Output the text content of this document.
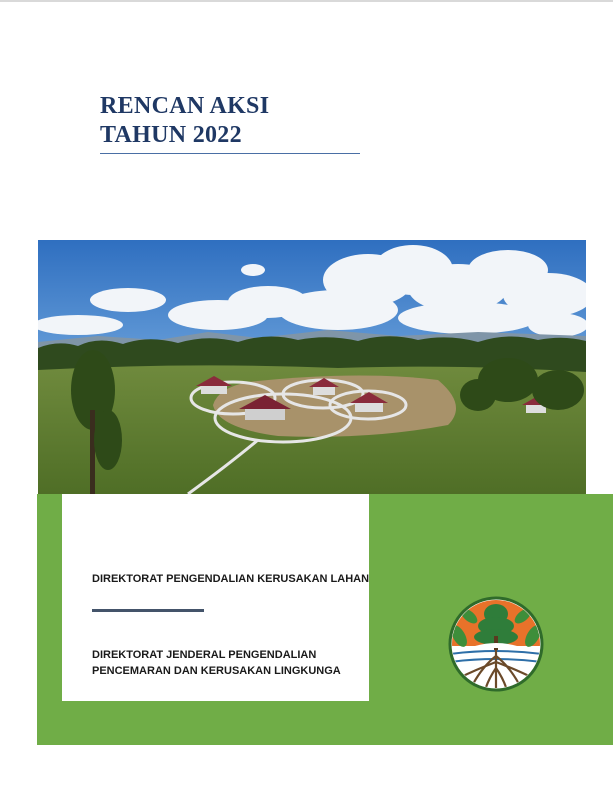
RENCAN AKSI
TAHUN 2022

DIREKTORAT PENGENDALIAN KERUSAKAN LAHAN

DIREKTORAT JENDERAL PENGENDALIAN
PENCEMARAN DAN KERUSAKAN LINGKUNGA
